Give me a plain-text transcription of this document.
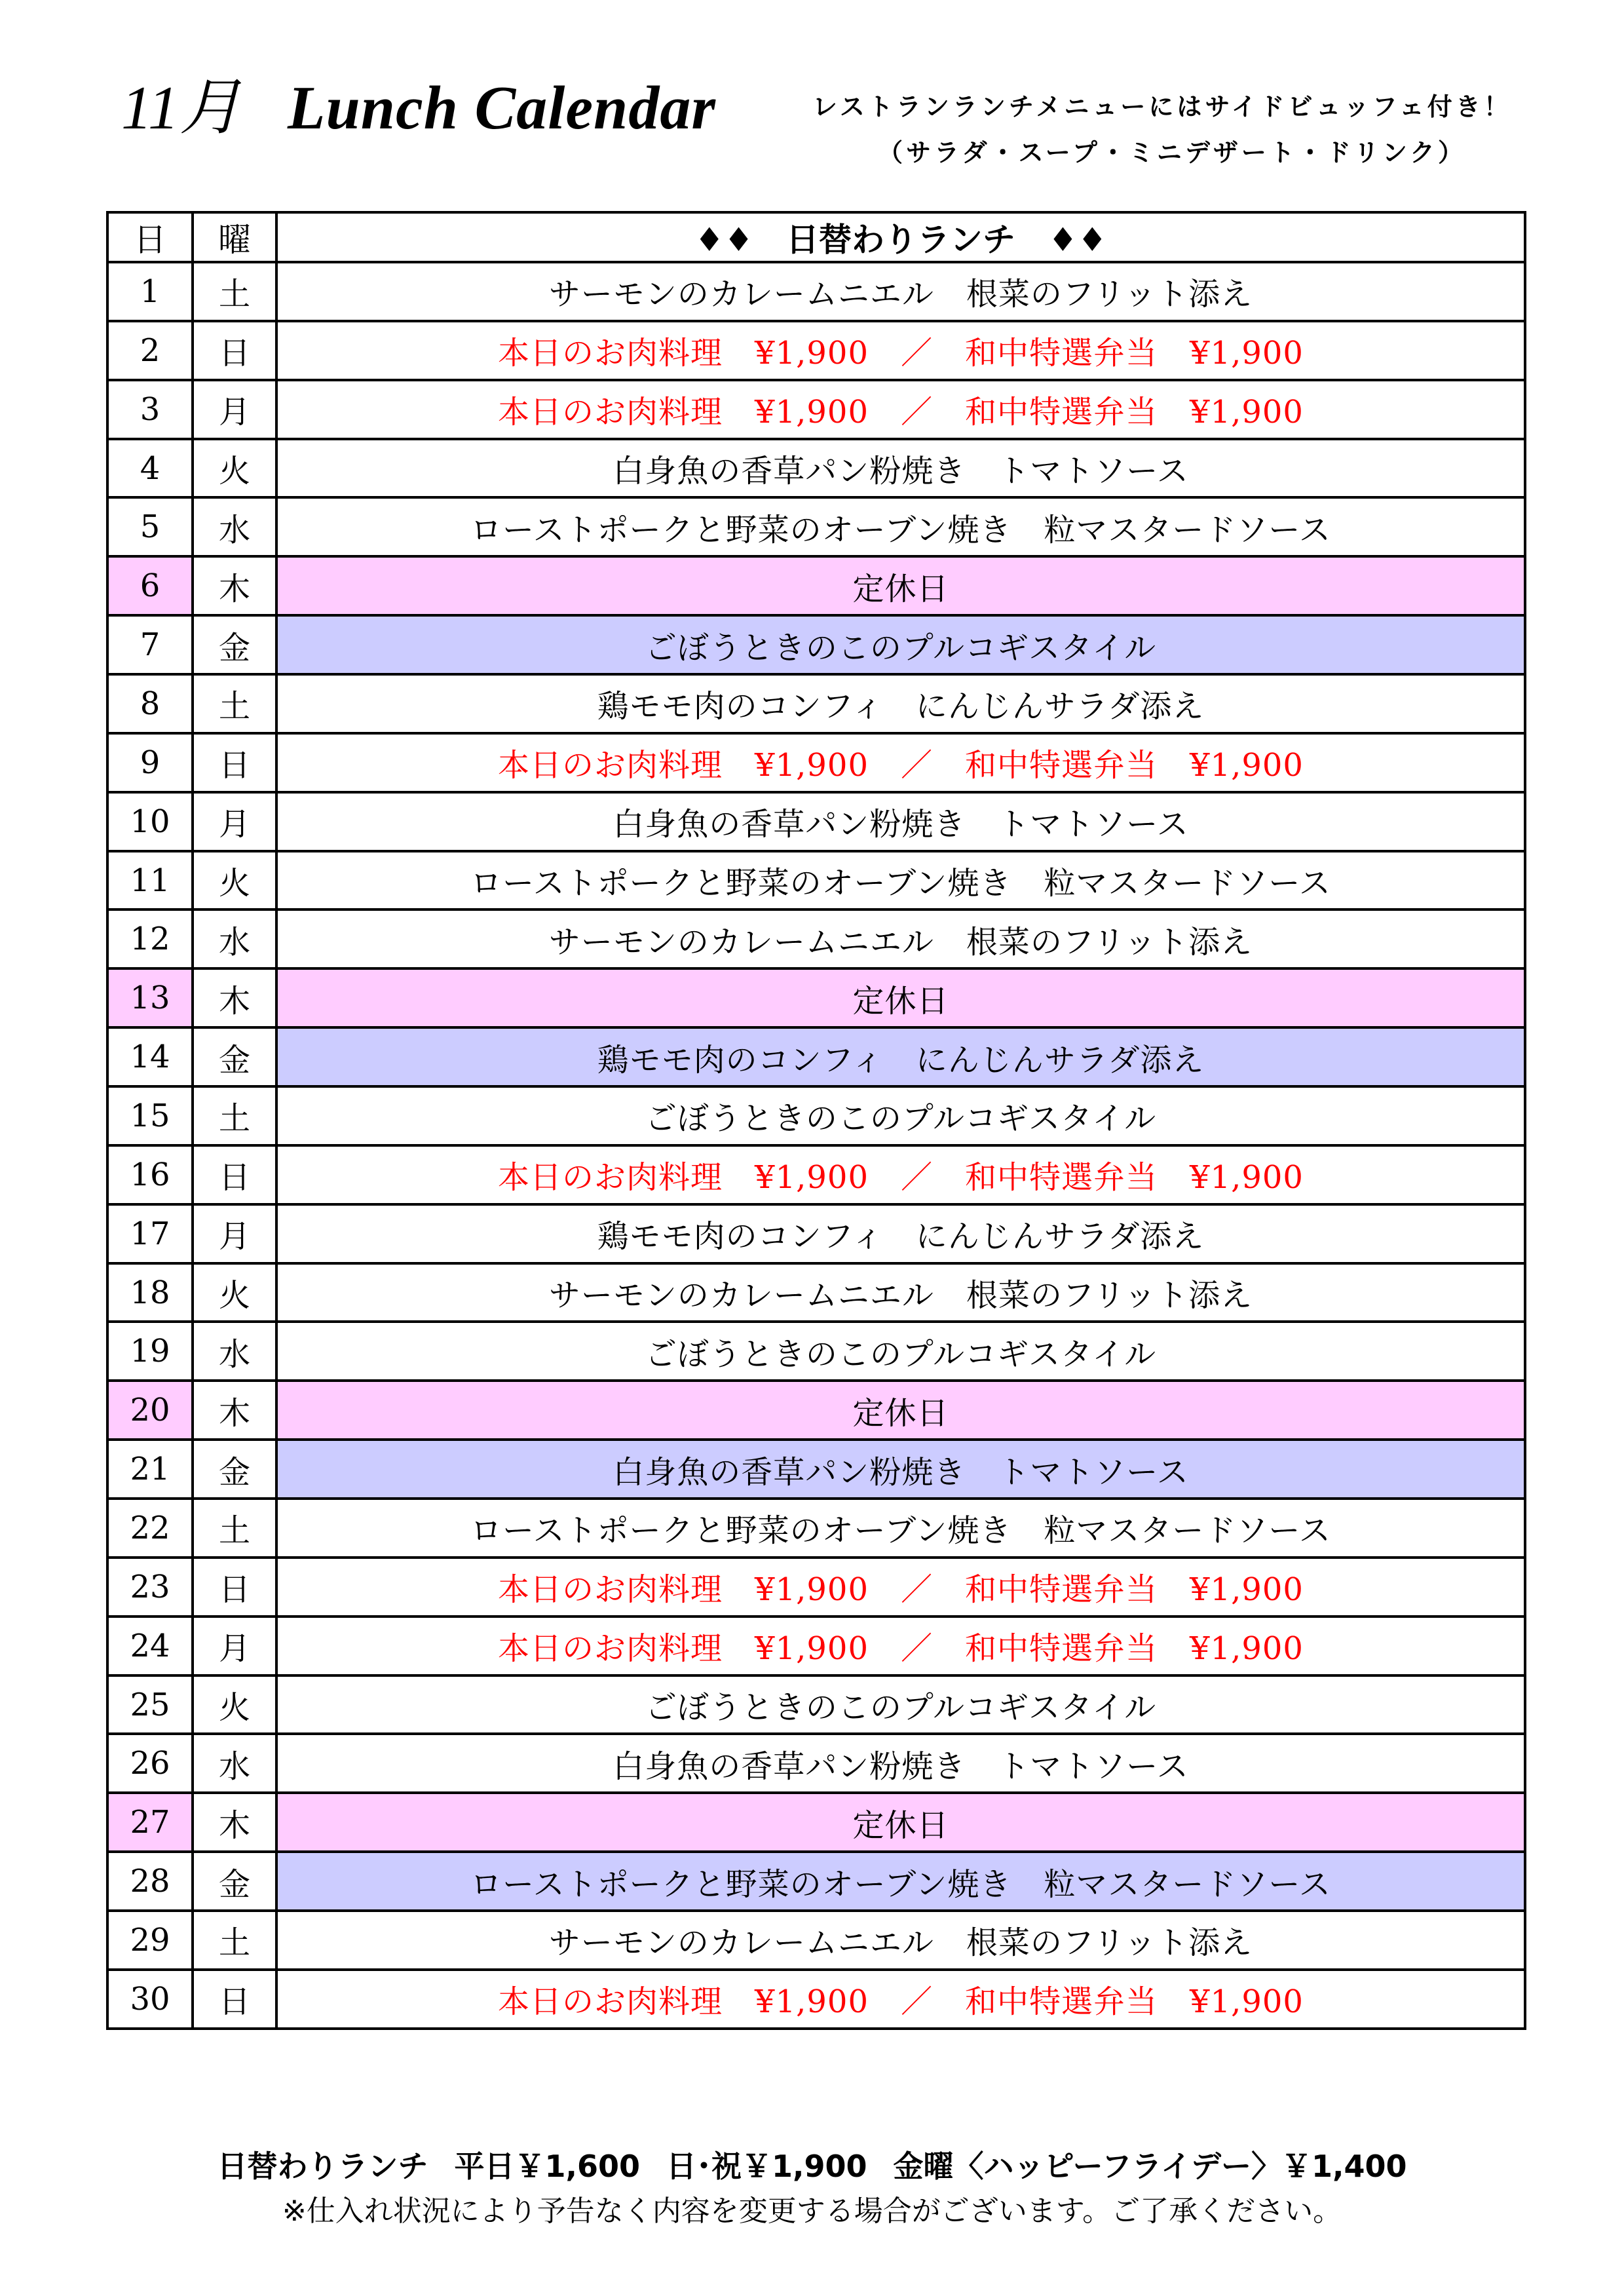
11月 Lunch Calendar	レストランランチメニューにはサイドビュッフェ付き！
（サラダ・スープ・ミニデザート・ドリンク）
日	曜	♦♦　日替わりランチ　♦♦
1	土	サーモンのカレームニエル　根菜のフリット添え
2	日	本日のお肉料理　¥1,900　／　和中特選弁当　¥1,900
3	月	本日のお肉料理　¥1,900　／　和中特選弁当　¥1,900
4	火	白身魚の香草パン粉焼き　トマトソース
5	水	ローストポークと野菜のオーブン焼き　粒マスタードソース
6	木	定休日
7	金	ごぼうときのこのプルコギスタイル
8	土	鶏モモ肉のコンフィ　にんじんサラダ添え
9	日	本日のお肉料理　¥1,900　／　和中特選弁当　¥1,900
10	月	白身魚の香草パン粉焼き　トマトソース
11	火	ローストポークと野菜のオーブン焼き　粒マスタードソース
12	水	サーモンのカレームニエル　根菜のフリット添え
13	木	定休日
14	金	鶏モモ肉のコンフィ　にんじんサラダ添え
15	土	ごぼうときのこのプルコギスタイル
16	日	本日のお肉料理　¥1,900　／　和中特選弁当　¥1,900
17	月	鶏モモ肉のコンフィ　にんじんサラダ添え
18	火	サーモンのカレームニエル　根菜のフリット添え
19	水	ごぼうときのこのプルコギスタイル
20	木	定休日
21	金	白身魚の香草パン粉焼き　トマトソース
22	土	ローストポークと野菜のオーブン焼き　粒マスタードソース
23	日	本日のお肉料理　¥1,900　／　和中特選弁当　¥1,900
24	月	本日のお肉料理　¥1,900　／　和中特選弁当　¥1,900
25	火	ごぼうときのこのプルコギスタイル
26	水	白身魚の香草パン粉焼き　トマトソース
27	木	定休日
28	金	ローストポークと野菜のオーブン焼き　粒マスタードソース
29	土	サーモンのカレームニエル　根菜のフリット添え
30	日	本日のお肉料理　¥1,900　／　和中特選弁当　¥1,900
日替わりランチ 平日￥1,600 日･祝￥1,900 金曜〈ハッピーフライデー〉￥1,400
※仕入れ状況により予告なく内容を変更する場合がございます。ご了承ください。
